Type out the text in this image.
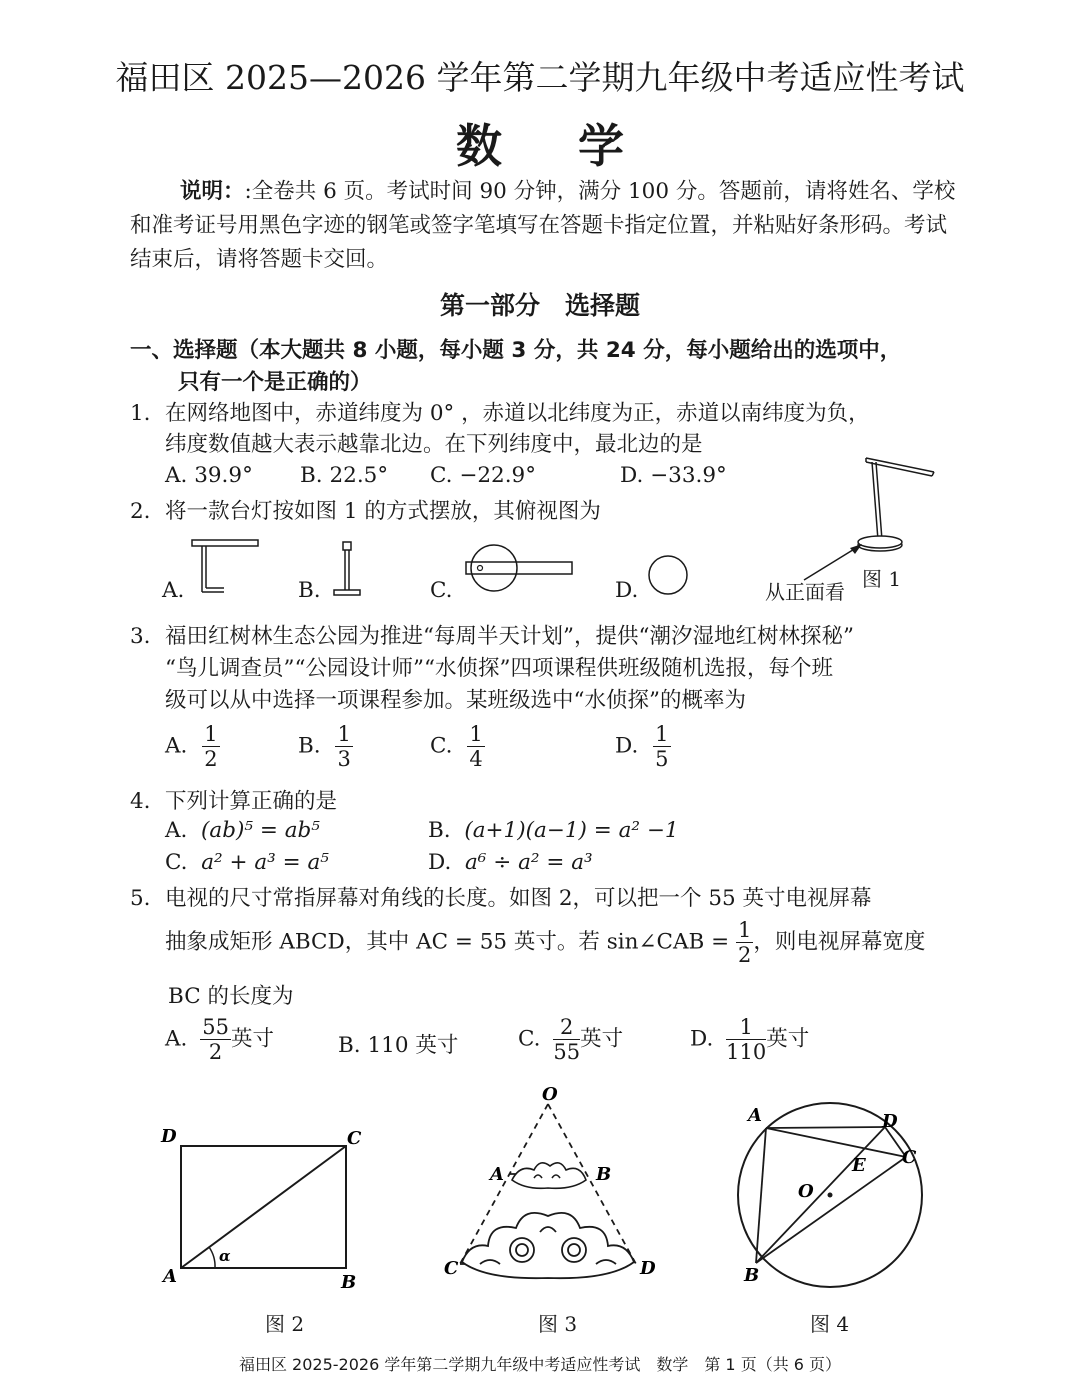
福田区 2025—2026 学年第二学期九年级中考适应性考试
数 学
说明：:全卷共 6 页。考试时间 90 分钟，满分 100 分。答题前，请将姓名、学校和准考证号用黑色字迹的钢笔或签字笔填写在答题卡指定位置，并粘贴好条形码。考试结束后，请将答题卡交回。
第一部分　选择题
一、选择题（本大题共 8 小题，每小题 3 分，共 24 分，每小题给出的选项中，
只有一个是正确的）
1. 在网络地图中，赤道纬度为 0° ，赤道以北纬度为正，赤道以南纬度为负，
纬度数值越大表示越靠北边。在下列纬度中，最北边的是
A. 39.9° B. 22.5° C. −22.9°	D. −33.9°
2. 将一款台灯按如图 1 的方式摆放，其俯视图为
A.	B.	C.	D.	从正面看
图 1
3. 福田红树林生态公园为推进“每周半天计划”，提供“潮汐湿地红树林探秘”
“鸟儿调查员”“公园设计师”“水侦探”四项课程供班级随机选报，每个班
级可以从中选择一项课程参加。某班级选中“水侦探”的概率为
A. $\frac{1}{2}$	B. $\frac{1}{3}$	C. $\frac{1}{4}$	D. $\frac{1}{5}$
4. 下列计算正确的是
A. (ab)⁵ = ab⁵	B. (a+1)(a−1) = a² −1
C. a² + a³ = a⁵	D. a⁶ ÷ a² = a³
5. 电视的尺寸常指屏幕对角线的长度。如图 2，可以把一个 55 英寸电视屏幕
抽象成矩形 ABCD，其中 AC = 55 英寸。若 sin∠CAB = $\frac{1}{2}$ ，则电视屏幕宽度
BC 的长度为
A. $\frac{55}{2}$ 英寸	B. 110 英寸	C. $\frac{2}{55}$ 英寸	D. $\frac{1}{110}$ 英寸
D	C
A	B
α
图 2
O
A	B
C	D
图 3
A	D
E C
O
B
图 4
福田区 2025-2026 学年第二学期九年级中考适应性考试　数学　第 1 页（共 6 页）
